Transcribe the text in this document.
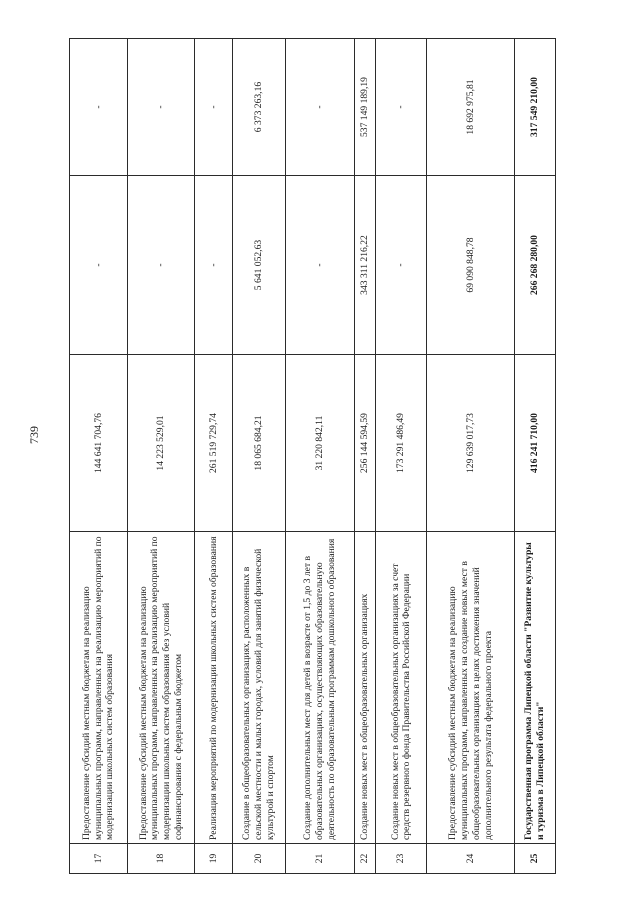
739
17	Предоставление субсидий местным бюджетам на реализацию муниципальных программ, направленных на реализацию мероприятий по модернизации школьных систем образования	144 641 704,76	-	-
18	Предоставление субсидий местным бюджетам на реализацию муниципальных программ, направленных на реализацию мероприятий по модернизации школьных систем образования без условий софинансирования с федеральным бюджетом	14 223 529,01	-	-
19	Реализация мероприятий по модернизации школьных систем образования	261 519 729,74	-	-
20	Создание в общеобразовательных организациях, расположенных в сельской местности и малых городах, условий для занятий физической культурой и спортом	18 065 684,21	5 641 052,63	6 373 263,16
21	Создание дополнительных мест для детей в возрасте от 1,5 до 3 лет в образовательных организациях, осуществляющих образовательную деятельность по образовательным программам дошкольного образования	31 220 842,11	-	-
22	Создание новых мест в общеобразовательных организациях	256 144 594,59	343 311 216,22	537 149 189,19
23	Создание новых мест в общеобразовательных организациях за счет средств резервного фонда Правительства Российской Федерации	173 291 486,49	-	-
24	Предоставление субсидий местным бюджетам на реализацию муниципальных программ, направленных на создание новых мест в общеобразовательных организациях в целях достижения значений дополнительного результата федерального проекта	129 639 017,73	69 090 848,78	18 692 975,81
25	Государственная программа Липецкой области "Развитие культуры и туризма в Липецкой области"	416 241 710,00	266 268 280,00	317 549 210,00
